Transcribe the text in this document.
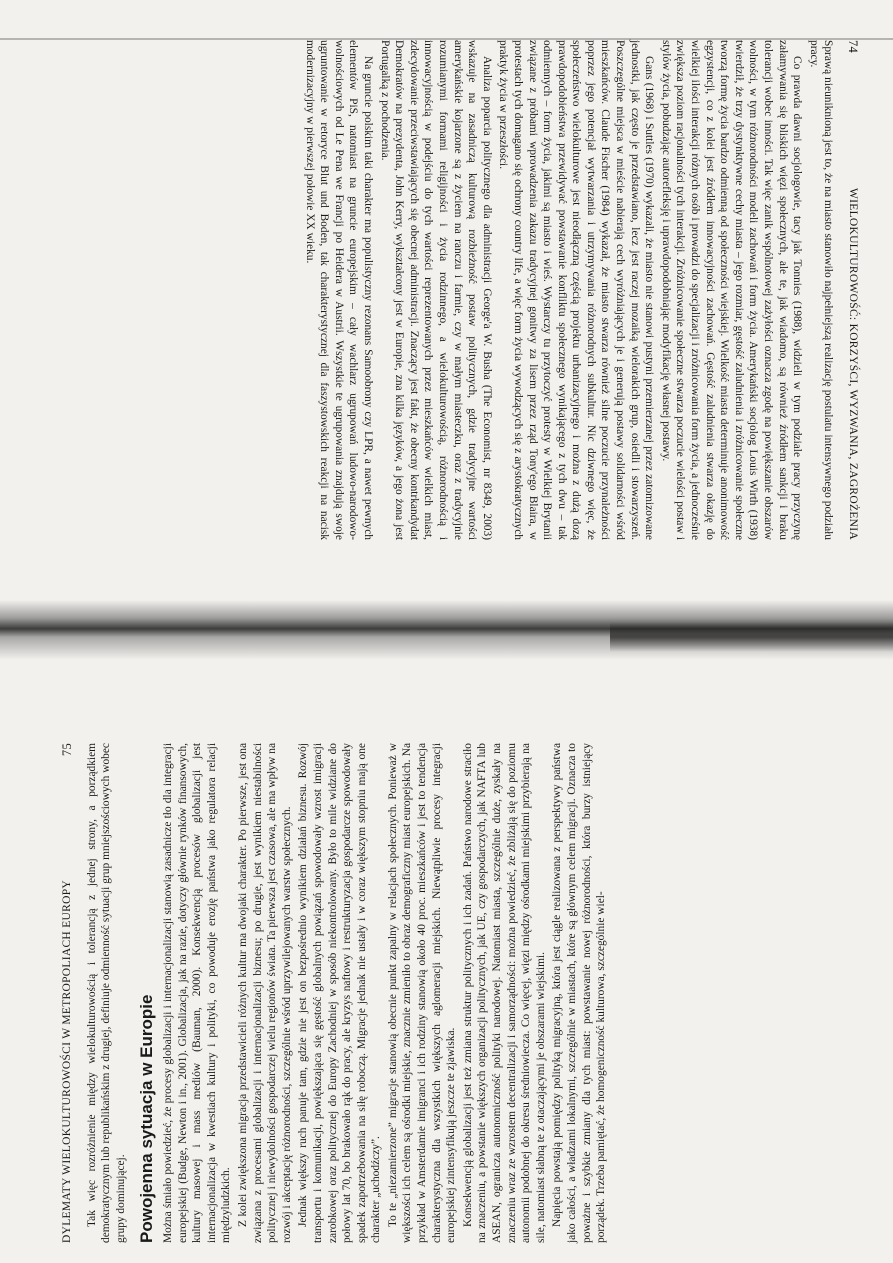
74
WIELOKULTUROWOŚĆ: KORZYŚCI, WYZWANIA, ZAGROŻENIA

Sprawą nieuniknioną jest to, że na miasto stanowiło najpełniejszą realizację postulatu intensywnego podziału pracy.

Co prawda dawni socjologowie, tacy jak Tonnies (1988), widzieli w tym podziale pracy przyczynę załamywania się bliskich więzi społecznych, ale te, jak wiadomo, są również źródłem sankcji i braku tolerancji wobec inności. Tak więc zanik wspólnotowej zażyłości oznacza zgodę na powiększanie obszarów wolności, w tym różnorodności modeli zachowań i form życia. Amerykański socjolog Louis Wirth (1938) twierdził, że trzy dystynktywne cechy miasta – jego rozmiar, gęstość zaludnienia i zróżnicowanie społeczne tworzą formę życia bardzo odmienną od społeczności wiejskiej. Wielkość miasta determinuje anonimowość egzystencji, co z kolei jest źródłem innowacyjności zachowań. Gęstość zaludnienia stwarza okazję do wielkiej ilości interakcji różnych osób i prowadzi do specjalizacji i zróżnicowania form życia, a jednocześnie zwiększa poziom racjonalności tych interakcji. Zróżnicowanie społeczne stwarza poczucie wielości postaw i stylów życia, pobudzając autorefleksję i uprawdopodobniając modyfikację własnej postawy.

Gans (1968) i Suttles (1970) wykazali, że miasto nie stanowi pustyni przemierzanej przez zatomizowane jednostki, jak często je przedstawiano, lecz jest raczej mozaiką wielorakich grup, osiedli i stowarzyszeń. Poszczególne miejsca w mieście nabierają cech wyróżniających je i generują postawy solidarności wśród mieszkańców. Claude Fischer (1984) wykazał, że miasto stwarza również silne poczucie przynależności poprzez jego potencjał wytwarzania i utrzymywania różnorodnych subkultur. Nic dziwnego więc, że społeczeństwo wielokulturowe jest nieodłączną częścią projektu urbanizacyjnego i można z dużą dozą prawdopodobieństwa przewidywać powstawanie konfliktu społecznego wynikającego z tych dwu – tak odmiennych – form życia, jakimi są miasto i wieś. Wystarczy tu przytoczyć protesty w Wielkiej Brytanii związane z próbami wprowadzenia zakazu tradycyjnej gonitwy za lisem przez rząd Tony'ego Blaira, w protestach tych domagano się ochrony country life, a więc form życia wywodzących się z arystokratycznych praktyk życia w przeszłości.

Analiza poparcia politycznego dla administracji George'a W. Busha (The Economist, nr 8349, 2003) wskazuje na zasadniczą kulturową rozbieżność postaw politycznych, gdzie tradycyjne wartości amerykańskie kojarzone są z życiem na ranczu i farmie, czy w małym miasteczku, oraz z tradycyjnie rozumianymi formami religijności i życia rodzinnego, a wielokulturowością, różnorodnością i innowacyjnością w podejściu do tych wartości reprezentowanych przez mieszkańców wielkich miast, zdecydowanie przeciwstawiających się obecnej administracji. Znaczący jest fakt, że obecny kontrkandydat Demokratów na prezydenta, John Kerry, wykształcony jest w Europie, zna kilka języków, a jego żona jest Portugalką z pochodzenia.

Na gruncie polskim taki charakter ma populistyczny rezonans Samoobrony czy LPR, a nawet pewnych elementów PiS, natomiast na gruncie europejskim – cały wachlarz ugrupowań ludowo-narodowo-wolnościowych od Le Pena we Francji po Heidera w Austrii. Wszystkie te ugrupowania znajdują swoje ugruntowanie w retoryce Blut und Boden, tak charakterystycznej dla faszystowskich reakcji na nacisk modernizacyjny w pierwszej połowie XX wieku.

DYLEMATY WIELOKULTUROWOŚCI W METROPOLIACH EUROPY
75 Tak więc rozróżnienie między wielokulturowością i tolerancją z jednej strony, a porządkiem demokratycznym lub republikańskim z drugiej, definiuje odmienność sytuacji grup mniejszościowych wobec grupy dominującej. Powojenna sytuacja w Europie Można śmiało powiedzieć, że procesy globalizacji i internacjonalizacji stanowią zasadnicze tło dla integracji europejskiej (Budge, Newton i in., 2001). Globalizacja, jak na razie, dotyczy głównie rynków finansowych, kultury masowej i mass mediów (Bauman, 2000). Konsekwencją procesów globalizacji jest internacjonalizacja w kwestiach kultury i polityki, co powoduje erozję państwa jako regulatora relacji międzyludzkich. Z kolei zwiększona migracja przedstawicieli różnych kultur ma dwojaki charakter. Po pierwsze, jest ona związana z procesami globalizacji i internacjonalizacji biznesu; po drugie, jest wynikiem niestabilności politycznej i niewydolności gospodarczej wielu regionów świata. Ta pierwsza jest czasowa, ale ma wpływ na rozwój i akceptację różnorodności, szczególnie wśród uprzywilejowanych warstw społecznych. Jednak większy ruch panuje tam, gdzie nie jest on bezpośrednio wynikiem działań biznesu. Rozwój transportu i komunikacji, powiększająca się gęstość globalnych powiązań spowodowały wzrost imigracji zarobkowej oraz politycznej do Europy Zachodniej w sposób niekontrolowany. Było to mile widziane do połowy lat 70, bo brakowało rąk do pracy, ale kryzys naftowy i restrukturyzacja gospodarcze spowodowały spadek zapotrzebowania na siłę roboczą. Migracje jednak nie ustały i w coraz większym stopniu mają one charakter „uchodźczy”. To te „niezamierzone” migracje stanowią obecnie punkt zapalny w relacjach społecznych. Ponieważ w większości ich celem są ośrodki miejskie, znacznie zmieniło to obraz demograficzny miast europejskich. Na przykład w Amsterdamie imigranci i ich rodziny stanowią około 40 proc. mieszkańców i jest to tendencja charakterystyczna dla wszystkich większych aglomeracji miejskich. Niewątpliwie procesy integracji europejskiej zintensyfikują jeszcze te zjawiska. Konsekwencją globalizacji jest też zmiana struktur politycznych i ich zadań. Państwo narodowe straciło na znaczeniu, a powstanie większych organizacji politycznych, jak UE, czy gospodarczych, jak NAFTA lub ASEAN, ogranicza autonomiczność polityki narodowej. Natomiast miasta, szczególnie duże, zyskały na znaczeniu wraz ze wzrostem decentralizacji i samorządności: można powiedzieć, że zbliżają się do poziomu autonomii podobnej do okresu średniowiecza. Co więcej, więzi między ośrodkami miejskimi przybierają na sile, natomiast słabną te z otaczającymi je obszarami wiejskimi. Napięcia powstają pomiędzy polityką migracyjną, która jest ciągle realizowana z perspektywy państwa jako całości, a władzami lokalnymi, szczególnie w miastach, które są głównym celem migracji. Oznacza to poważne i szybkie zmiany dla tych miast: powstawanie nowej różnorodności, która burzy istniejący porządek. Trzeba pamiętać, że homogeniczność kulturowa, szczególnie wiel-
